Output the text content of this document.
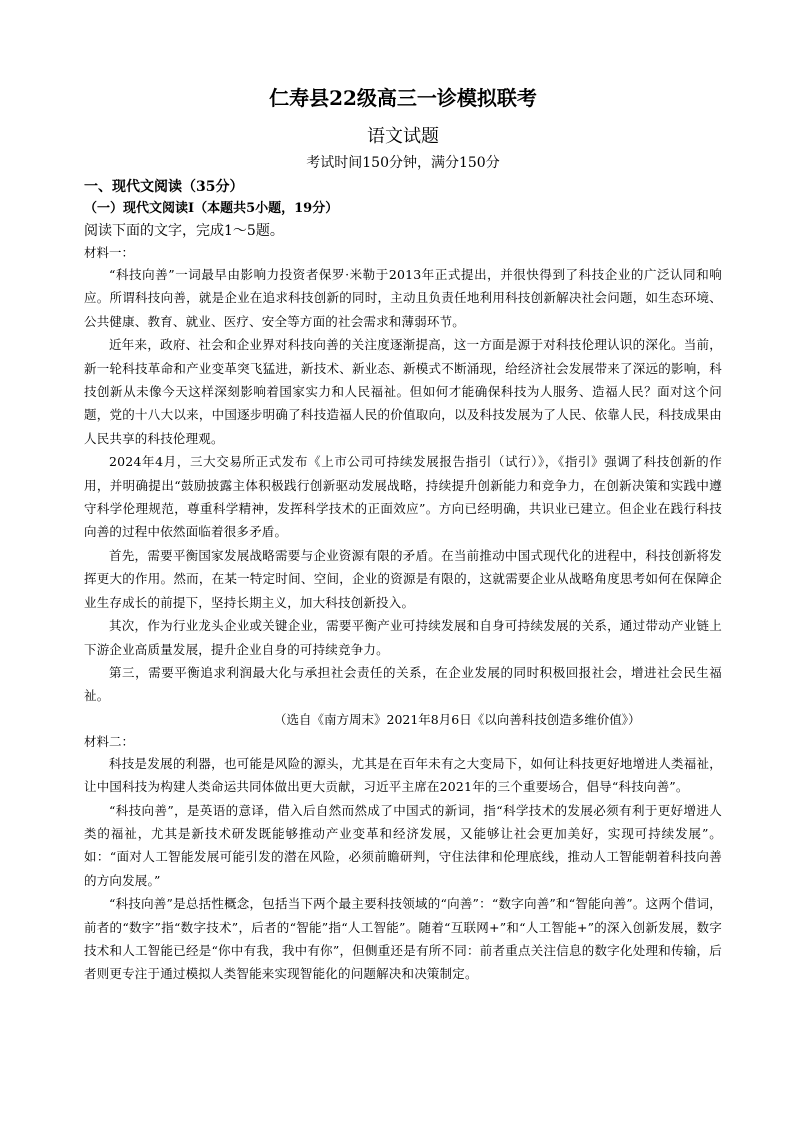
仁寿县22级高三一诊模拟联考
语文试题
考试时间150分钟，满分150分
一、现代文阅读（35分）
（一）现代文阅读Ⅰ（本题共5小题，19分）
阅读下面的文字，完成1～5题。
材料一：

“科技向善”一词最早由影响力投资者保罗·米勒于2013年正式提出，并很快得到了科技企业的广泛认同和响应。所谓科技向善，就是企业在追求科技创新的同时，主动且负责任地利用科技创新解决社会问题，如生态环境、公共健康、教育、就业、医疗、安全等方面的社会需求和薄弱环节。

近年来，政府、社会和企业界对科技向善的关注度逐渐提高，这一方面是源于对科技伦理认识的深化。当前，新一轮科技革命和产业变革突飞猛进，新技术、新业态、新模式不断涌现，给经济社会发展带来了深远的影响，科技创新从未像今天这样深刻影响着国家实力和人民福祉。但如何才能确保科技为人服务、造福人民？面对这个问题，党的十八大以来，中国逐步明确了科技造福人民的价值取向，以及科技发展为了人民、依靠人民，科技成果由人民共享的科技伦理观。

2024年4月，三大交易所正式发布《上市公司可持续发展报告指引（试行）》，《指引》强调了科技创新的作用，并明确提出“鼓励披露主体积极践行创新驱动发展战略，持续提升创新能力和竞争力，在创新决策和实践中遵守科学伦理规范，尊重科学精神，发挥科学技术的正面效应”。方向已经明确，共识业已建立。但企业在践行科技向善的过程中依然面临着很多矛盾。

首先，需要平衡国家发展战略需要与企业资源有限的矛盾。在当前推动中国式现代化的进程中，科技创新将发挥更大的作用。然而，在某一特定时间、空间，企业的资源是有限的，这就需要企业从战略角度思考如何在保障企业生存成长的前提下，坚持长期主义，加大科技创新投入。

其次，作为行业龙头企业或关键企业，需要平衡产业可持续发展和自身可持续发展的关系，通过带动产业链上下游企业高质量发展，提升企业自身的可持续竞争力。

第三，需要平衡追求利润最大化与承担社会责任的关系，在企业发展的同时积极回报社会，增进社会民生福祉。

（选自《南方周末》2021年8月6日《以向善科技创造多维价值》）
材料二：

科技是发展的利器，也可能是风险的源头，尤其是在百年未有之大变局下，如何让科技更好地增进人类福祉，让中国科技为构建人类命运共同体做出更大贡献，习近平主席在2021年的三个重要场合，倡导“科技向善”。

“科技向善”，是英语的意译，借入后自然而然成了中国式的新词，指“科学技术的发展必须有利于更好增进人类的福祉，尤其是新技术研发既能够推动产业变革和经济发展，又能够让社会更加美好，实现可持续发展”。如：“面对人工智能发展可能引发的潜在风险，必须前瞻研判，守住法律和伦理底线，推动人工智能朝着科技向善的方向发展。”

“科技向善”是总括性概念，包括当下两个最主要科技领域的“向善”：“数字向善”和“智能向善”。这两个借词，前者的“数字”指“数字技术”，后者的“智能”指“人工智能”。随着“互联网+”和“人工智能+”的深入创新发展，数字技术和人工智能已经是“你中有我，我中有你”，但侧重还是有所不同：前者重点关注信息的数字化处理和传输，后者则更专注于通过模拟人类智能来实现智能化的问题解决和决策制定。
